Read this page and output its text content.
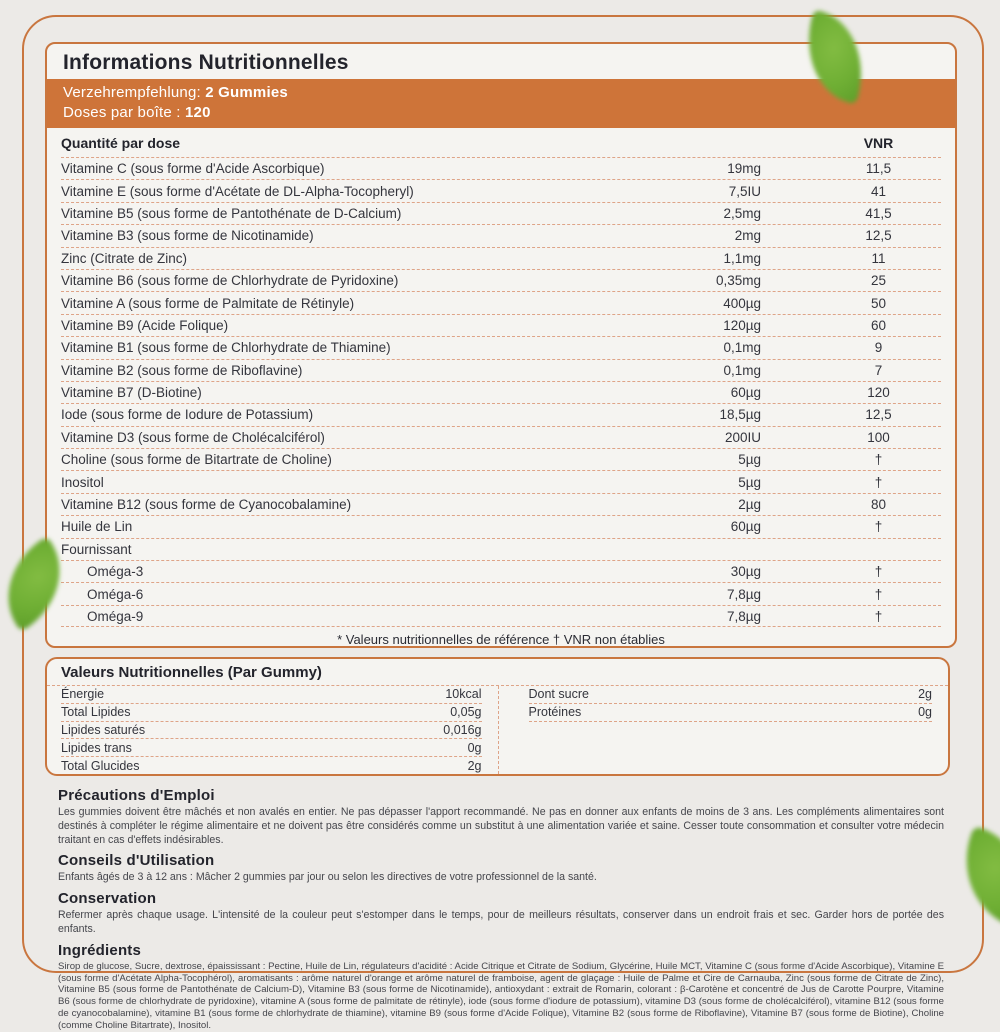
Informations Nutritionnelles
Verzehrempfehlung: 2 Gummies
Doses par boîte : 120
Quantité par dose	VNR
Vitamine C (sous forme d'Acide Ascorbique)	19mg	11,5
Vitamine E (sous forme d'Acétate de DL-Alpha-Tocopheryl)	7,5IU	41
Vitamine B5 (sous forme de Pantothénate de D-Calcium)	2,5mg	41,5
Vitamine B3 (sous forme de Nicotinamide)	2mg	12,5
Zinc (Citrate de Zinc)	1,1mg	11
Vitamine B6 (sous forme de Chlorhydrate de Pyridoxine)	0,35mg	25
Vitamine A (sous forme de Palmitate de Rétinyle)	400µg	50
Vitamine B9 (Acide Folique)	120µg	60
Vitamine B1 (sous forme de Chlorhydrate de Thiamine)	0,1mg	9
Vitamine B2 (sous forme de Riboflavine)	0,1mg	7
Vitamine B7 (D-Biotine)	60µg	120
Iode (sous forme de Iodure de Potassium)	18,5µg	12,5
Vitamine D3 (sous forme de Cholécalciférol)	200IU	100
Choline (sous forme de Bitartrate de Choline)	5µg	†
Inositol	5µg	†
Vitamine B12 (sous forme de Cyanocobalamine)	2µg	80
Huile de Lin	60µg	†
Fournissant
Oméga-3	30µg	†
Oméga-6	7,8µg	†
Oméga-9	7,8µg	†
* Valeurs nutritionnelles de référence † VNR non établies
Valeurs Nutritionnelles (Par Gummy)
Énergie	10kcal
Total Lipides	0,05g
Lipides saturés	0,016g
Lipides trans	0g
Total Glucides	2g
Dont sucre	2g
Protéines	0g
Précautions d'Emploi
Les gummies doivent être mâchés et non avalés en entier. Ne pas dépasser l'apport recommandé. Ne pas en donner aux enfants de moins de 3 ans. Les compléments alimentaires sont destinés à compléter le régime alimentaire et ne doivent pas être considérés comme un substitut à une alimentation variée et saine. Cesser toute consommation et consulter votre médecin traitant en cas d'effets indésirables.
Conseils d'Utilisation
Enfants âgés de 3 à 12 ans : Mâcher 2 gummies par jour ou selon les directives de votre professionnel de la santé.
Conservation
Refermer après chaque usage. L'intensité de la couleur peut s'estomper dans le temps, pour de meilleurs résultats, conserver dans un endroit frais et sec. Garder hors de portée des enfants.
Ingrédients
Sirop de glucose, Sucre, dextrose, épaississant : Pectine, Huile de Lin, régulateurs d'acidité : Acide Citrique et Citrate de Sodium, Glycérine, Huile MCT, Vitamine C (sous forme d'Acide Ascorbique), Vitamine E (sous forme d'Acétate Alpha-Tocophérol), aromatisants : arôme naturel d'orange et arôme naturel de framboise, agent de glaçage : Huile de Palme et Cire de Carnauba, Zinc (sous forme de Citrate de Zinc), Vitamine B5 (sous forme de Pantothénate de Calcium-D), Vitamine B3 (sous forme de Nicotinamide), antioxydant : extrait de Romarin, colorant : β-Carotène et concentré de Jus de Carotte Pourpre, Vitamine B6 (sous forme de chlorhydrate de pyridoxine), vitamine A (sous forme de palmitate de rétinyle), iode (sous forme d'iodure de potassium), vitamine D3 (sous forme de cholécalciférol), vitamine B12 (sous forme de cyanocobalamine), vitamine B1 (sous forme de chlorhydrate de thiamine), vitamine B9 (sous forme d'Acide Folique), Vitamine B2 (sous forme de Riboflavine), Vitamine B7 (sous forme de Biotine), Choline (comme Choline Bitartrate), Inositol.
